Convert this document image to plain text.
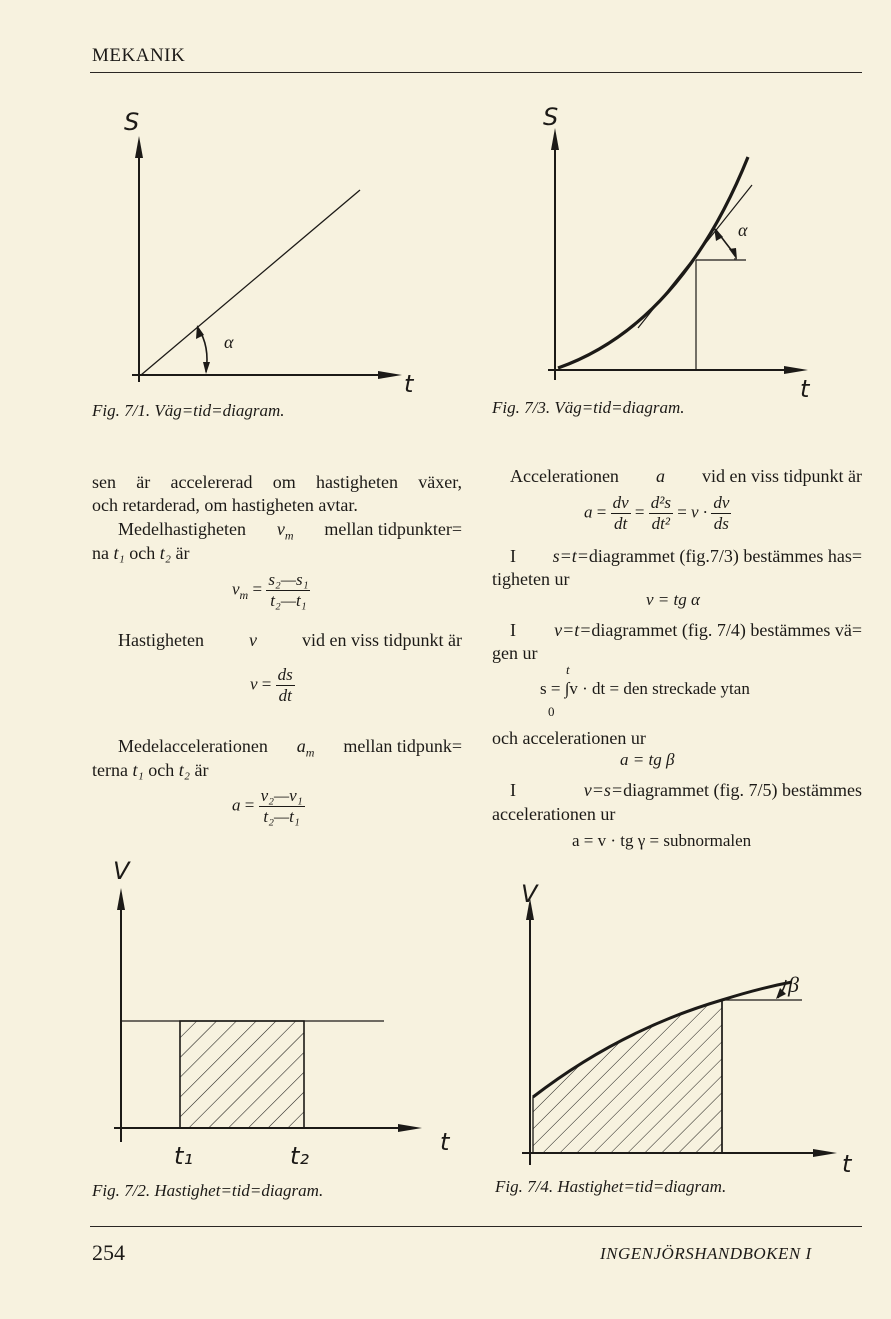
MEKANIK
S
t
α
Fig. 7/1. Väg=tid=diagram.
S
t
α
Fig. 7/3. Väg=tid=diagram.
sen är accelererad om hastigheten växer,
och retarderad, om hastigheten avtar.
Medelhastigheten $v_m$ mellan tidpunkter=
na t₁ och t₂ är
$v_m = \frac{\text{s₂—s₁}}{\text{t₂—t₁}}$
Hastigheten	v	vid en viss tidpunkt är
$v = \frac{ds}{dt}$
Medelaccelerationen $a_m$ mellan tidpunk=
terna t₁ och t₂ är
$a = \frac{\text{v₂—v₁}}{\text{t₂—t₁}}$
Accelerationen a vid en viss tidpunkt är
$a = \frac{dv}{dt} = \frac{\text{d²s}}{\text{dt²}} = v \cdot \frac{dv}{ds}$
I s=t=diagrammet (fig.7/3) bestämmes has=
tigheten ur
v = tg α
I v=t=diagrammet (fig. 7/4) bestämmes vä=
gen ur
t
s = ∫v · dt = den streckade ytan
0
och accelerationen ur
a = tg β
I	v=s=diagrammet (fig. 7/5) bestämmes
accelerationen ur
a = v · tg γ = subnormalen
V
t
t₁	t₂
Fig. 7/2. Hastighet=tid=diagram.
V
t
β
Fig. 7/4. Hastighet=tid=diagram.
254	INGENJÖRSHANDBOKEN I
